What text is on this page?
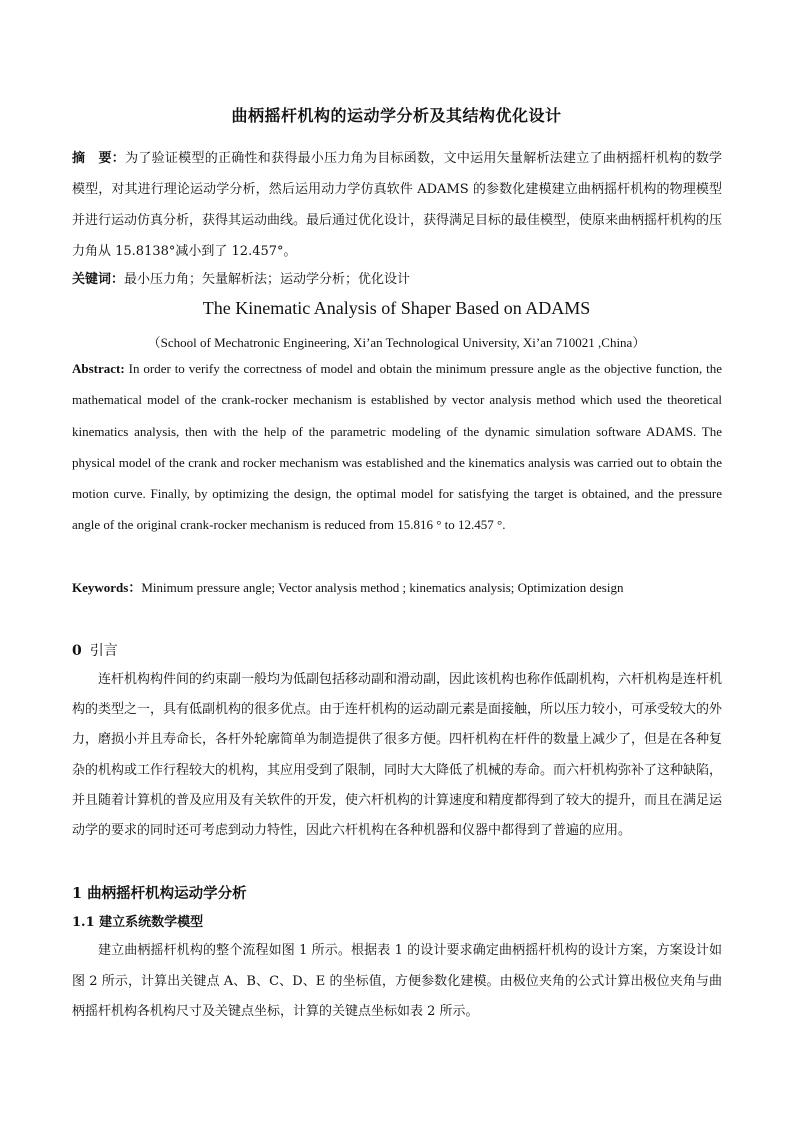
曲柄摇杆机构的运动学分析及其结构优化设计
摘　要：为了验证模型的正确性和获得最小压力角为目标函数，文中运用矢量解析法建立了曲柄摇杆机构的数学模型，对其进行理论运动学分析，然后运用动力学仿真软件 ADAMS 的参数化建模建立曲柄摇杆机构的物理模型并进行运动仿真分析，获得其运动曲线。最后通过优化设计，获得满足目标的最佳模型，使原来曲柄摇杆机构的压力角从 15.8138°减小到了 12.457°。
关键词：最小压力角；矢量解析法；运动学分析；优化设计
The Kinematic Analysis of Shaper Based on ADAMS
（School of Mechatronic Engineering, Xi’an Technological University, Xi’an 710021 ,China）
Abstract: In order to verify the correctness of model and obtain the minimum pressure angle as the objective function, the mathematical model of the crank-rocker mechanism is established by vector analysis method which used the theoretical kinematics analysis, then with the help of the parametric modeling of the dynamic simulation software ADAMS. The physical model of the crank and rocker mechanism was established and the kinematics analysis was carried out to obtain the motion curve. Finally, by optimizing the design, the optimal model for satisfying the target is obtained, and the pressure angle of the original crank-rocker mechanism is reduced from 15.816 ° to 12.457 °.
Keywords：Minimum pressure angle; Vector analysis method ; kinematics analysis; Optimization design
0 引言
连杆机构构件间的约束副一般均为低副包括移动副和滑动副，因此该机构也称作低副机构，六杆机构是连杆机构的类型之一，具有低副机构的很多优点。由于连杆机构的运动副元素是面接触，所以压力较小，可承受较大的外力，磨损小并且寿命长，各杆外轮廓简单为制造提供了很多方便。四杆机构在杆件的数量上减少了，但是在各种复杂的机构或工作行程较大的机构，其应用受到了限制，同时大大降低了机械的寿命。而六杆机构弥补了这种缺陷，并且随着计算机的普及应用及有关软件的开发，使六杆机构的计算速度和精度都得到了较大的提升，而且在满足运动学的要求的同时还可考虑到动力特性，因此六杆机构在各种机器和仪器中都得到了普遍的应用。
1 曲柄摇杆机构运动学分析
1.1 建立系统数学模型
建立曲柄摇杆机构的整个流程如图 1 所示。根据表 1 的设计要求确定曲柄摇杆机构的设计方案，方案设计如图 2 所示，计算出关键点 A、B、C、D、E 的坐标值，方便参数化建模。由极位夹角的公式计算出极位夹角与曲柄摇杆机构各机构尺寸及关键点坐标，计算的关键点坐标如表 2 所示。
